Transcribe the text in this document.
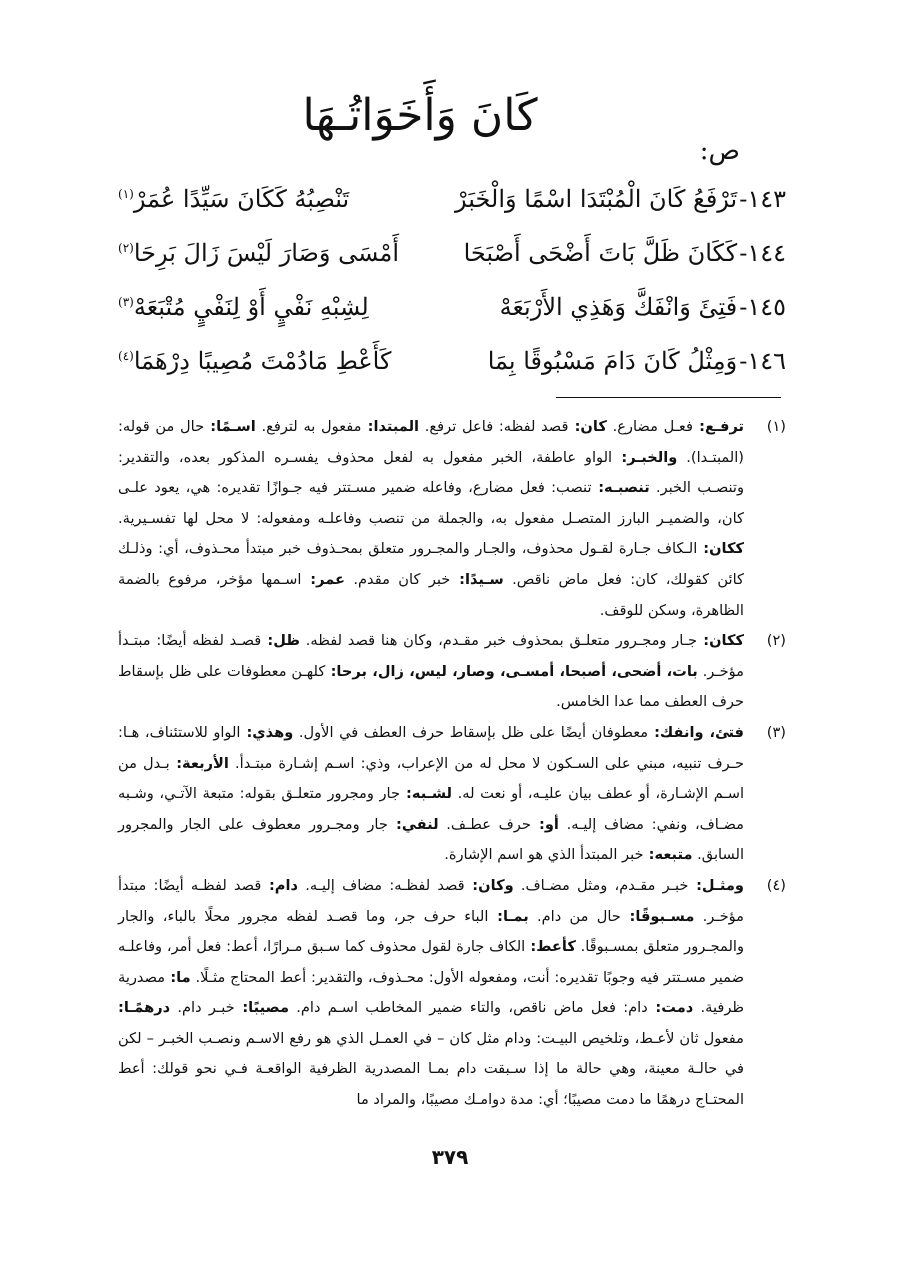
كَانَ وَأَخَوَاتُـهَا
ص:
١٤٣-تَرْفَعُ كَانَ الْمُبْتَدَا اسْمًا وَالْخَبَرْ
تَنْصِبُهُ كَكَانَ سَيِّدًا عُمَرْ$^{(١)}$
١٤٤-كَكَانَ ظَلَّ بَاتَ أَضْحَى أَصْبَحَا
أَمْسَى وَصَارَ لَيْسَ زَالَ بَرِحَا$^{(٢)}$
١٤٥-فَتِئَ وَانْفَكَّ وَهَذِي الأَرْبَعَهْ
لِشِبْهِ نَفْيٍ أَوْ لِنَفْيٍ مُتْبَعَهْ$^{(٣)}$
١٤٦-وَمِثْلُ كَانَ دَامَ مَسْبُوقًا بِمَا
كَأَعْطِ مَادُمْتَ مُصِيبًا دِرْهَمَا$^{(٤)}$

(١)
ترفـع: فعـل مضارع. كان: قصد لفظه: فاعل ترفع. المبتدا: مفعول به لترفع. اسـمًا: حال من قوله: (المبتـدا). والخبـر: الواو عاطفة، الخبر مفعول به لفعل محذوف يفسـره المذكور بعده، والتقدير: وتنصـب الخبر. تنصبـه: تنصب: فعل مضارع، وفاعله ضمير مسـتتر فيه جـوازًا تقديره: هي، يعود علـى كان، والضميـر البارز المتصـل مفعول به، والجملة من تنصب وفاعلـه ومفعوله: لا محل لها تفسـيرية. ككان: الـكاف جـارة لقـول محذوف، والجـار والمجـرور متعلق بمحـذوف خبر مبتدأ محـذوف، أي: وذلـك كائن كقولك، كان: فعل ماض ناقص. سـيدًا: خبر كان مقدم. عمر: اسـمها مؤخر، مرفوع بالضمة الظاهرة، وسكن للوقف.

(٢)
ككان: جـار ومجـرور متعلـق بمحذوف خبر مقـدم، وكان هنا قصد لفظه. ظل: قصـد لفظه أيضًا: مبتـدأ مؤخـر. بات، أضحى، أصبحا، أمسـى، وصار، ليس، زال، برحا: كلهـن معطوفات على ظل بإسقاط حرف العطف مما عدا الخامس.

(٣)
فتئ، وانفك: معطوفان أيضًا على ظل بإسقاط حرف العطف في الأول. وهذي: الواو للاستئناف، هـا: حـرف تنبيه، مبني على السـكون لا محل له من الإعراب، وذي: اسـم إشـارة مبتـدأ. الأربعة: بـدل من اسـم الإشـارة، أو عطف بيان عليـه، أو نعت له. لشـبه: جار ومجرور متعلـق بقوله: متبعة الآتـي، وشـبه مضـاف، ونفي: مضاف إليـه. أو: حرف عطـف. لنفي: جار ومجـرور معطوف على الجار والمجرور السابق. متبعه: خبر المبتدأ الذي هو اسم الإشارة.

(٤)
ومثـل: خبـر مقـدم، ومثل مضـاف. وكان: قصد لفظـه: مضاف إليـه. دام: قصد لفظـه أيضًا: مبتدأ مؤخـر. مسـبوقًا: حال من دام. بمـا: الباء حرف جر، وما قصـد لفظه مجرور محلًا بالباء، والجار والمجـرور متعلق بمسـبوقًا. كأعط: الكاف جارة لقول محذوف كما سـبق مـرارًا، أعط: فعل أمر، وفاعلـه ضمير مسـتتر فيه وجوبًا تقديره: أنت، ومفعوله الأول: محـذوف، والتقدير: أعط المحتاج مثـلًا. ما: مصدرية ظرفية. دمت: دام: فعل ماض ناقص، والتاء ضمير المخاطب اسـم دام. مصيبًا: خبـر دام. درهمًـا: مفعول ثان لأعـط، وتلخيص البيـت: ودام مثل كان – في العمـل الذي هو رفع الاسـم ونصـب الخبـر – لكن في حالـة معينة، وهي حالة ما إذا سـبقت دام بمـا المصدرية الظرفية الواقعـة فـي نحو قولك: أعط المحتـاج درهمًا ما دمت مصيبًا؛ أي: مدة دوامـك مصيبًا، والمراد ما

٣٧٩
